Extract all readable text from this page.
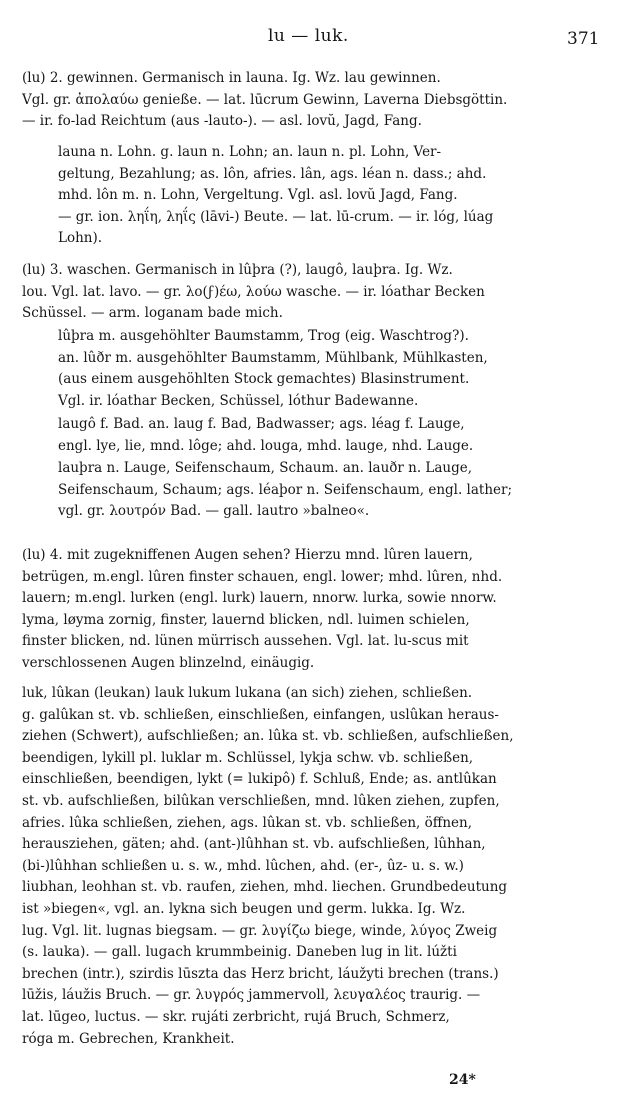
lu — luk.	371
(lu) 2. gewinnen. Germanisch in launa. Ig. Wz. lau gewinnen.
Vgl. gr. ἀπολαύω genieße. — lat. lūcrum Gewinn, Laverna Diebsgöttin.
— ir. fo-lad Reichtum (aus -lauto-). — asl. lovŭ, Jagd, Fang.
launa n. Lohn. g. laun n. Lohn; an. laun n. pl. Lohn, Ver-
geltung, Bezahlung; as. lôn, afries. lân, ags. léan n. dass.; ahd.
mhd. lôn m. n. Lohn, Vergeltung. Vgl. asl. lovŭ Jagd, Fang.
— gr. ion. ληΐη, ληΐς (lāvi-) Beute. — lat. lū-crum. — ir. lóg, lúag
Lohn).
(lu) 3. waschen. Germanisch in lûþra (?), laugô, lauþra. Ig. Wz.
lou. Vgl. lat. lavo. — gr. λο(ϝ)έω, λούω wasche. — ir. lóathar Becken
Schüssel. — arm. loganam bade mich.
lûþra m. ausgehöhlter Baumstamm, Trog (eig. Waschtrog?).
an. lûðr m. ausgehöhlter Baumstamm, Mühlbank, Mühlkasten,
(aus einem ausgehöhlten Stock gemachtes) Blasinstrument.
Vgl. ir. lóathar Becken, Schüssel, lóthur Badewanne.
laugô f. Bad. an. laug f. Bad, Badwasser; ags. léag f. Lauge,
engl. lye, lie, mnd. lôge; ahd. louga, mhd. lauge, nhd. Lauge.
lauþra n. Lauge, Seifenschaum, Schaum. an. lauðr n. Lauge,
Seifenschaum, Schaum; ags. léaþor n. Seifenschaum, engl. lather;
vgl. gr. λουτρόν Bad. — gall. lautro »balneo«.
(lu) 4. mit zugekniffenen Augen sehen? Hierzu mnd. lûren lauern,
betrügen, m.engl. lûren finster schauen, engl. lower; mhd. lûren, nhd.
lauern; m.engl. lurken (engl. lurk) lauern, nnorw. lurka, sowie nnorw.
lyma, løyma zornig, finster, lauernd blicken, ndl. luimen schielen,
finster blicken, nd. lünen mürrisch aussehen. Vgl. lat. lu-scus mit
verschlossenen Augen blinzelnd, einäugig.
luk, lûkan (leukan) lauk lukum lukana (an sich) ziehen, schließen.
g. galûkan st. vb. schließen, einschließen, einfangen, uslûkan heraus-
ziehen (Schwert), aufschließen; an. lûka st. vb. schließen, aufschließen,
beendigen, lykill pl. luklar m. Schlüssel, lykja schw. vb. schließen,
einschließen, beendigen, lykt (= lukipô) f. Schluß, Ende; as. antlûkan
st. vb. aufschließen, bilûkan verschließen, mnd. lûken ziehen, zupfen,
afries. lûka schließen, ziehen, ags. lûkan st. vb. schließen, öffnen,
herausziehen, gäten; ahd. (ant-)lûhhan st. vb. aufschließen, lûhhan,
(bi-)lûhhan schließen u. s. w., mhd. lûchen, ahd. (er-, ûz- u. s. w.)
liubhan, leohhan st. vb. raufen, ziehen, mhd. liechen. Grundbedeutung
ist »biegen«, vgl. an. lykna sich beugen und germ. lukka. Ig. Wz.
lug. Vgl. lit. lugnas biegsam. — gr. λυγίζω biege, winde, λύγος Zweig
(s. lauka). — gall. lugach krummbeinig. Daneben lug in lit. lúžti
brechen (intr.), szirdis lūszta das Herz bricht, láužyti brechen (trans.)
lūžis, láužis Bruch. — gr. λυγρός jammervoll, λευγαλέος traurig. —
lat. lūgeo, luctus. — skr. rujáti zerbricht, rujá Bruch, Schmerz,
róga m. Gebrechen, Krankheit.
24*
